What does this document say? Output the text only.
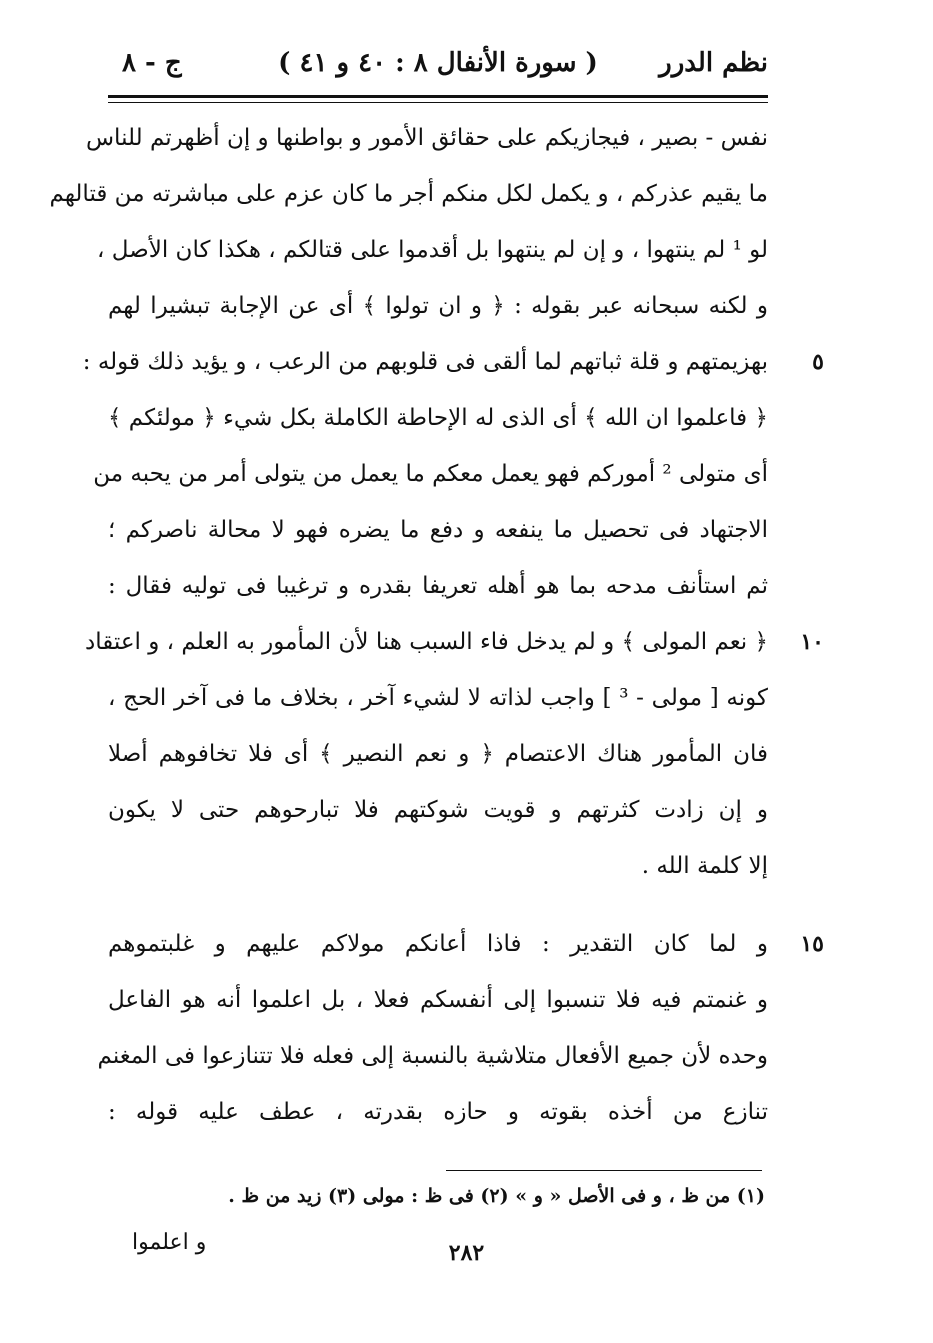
نظم الدرر
( سورة الأنفال ٨ : ٤٠ و ٤١ )
ج - ٨
نفس - بصير ، فيجازيكم على حقائق الأمور و بواطنها و إن أظهرتم للناس
ما يقيم عذركم ، و يكمل لكل منكم أجر ما كان عزم على مباشرته من قتالهم
لو ¹ لم ينتهوا ، و إن لم ينتهوا بل أقدموا على قتالكم ، هكذا كان الأصل ،
و لكنه سبحانه عبر بقوله : ﴿ و ان تولوا ﴾ أى عن الإجابة تبشيرا لهم
بهزيمتهم و قلة ثباتهم لما ألقى فى قلوبهم من الرعب ، و يؤيد ذلك قوله :	٥
﴿ فاعلموا ان الله ﴾ أى الذى له الإحاطة الكاملة بكل شيء ﴿ مولئكم ﴾
أى متولى ² أموركم فهو يعمل معكم ما يعمل من يتولى أمر من يحبه من
الاجتهاد فى تحصيل ما ينفعه و دفع ما يضره فهو لا محالة ناصركم ؛
ثم استأنف مدحه بما هو أهله تعريفا بقدره و ترغيبا فى توليه فقال :
﴿ نعم المولى ﴾ و لم يدخل فاء السبب هنا لأن المأمور به العلم ، و اعتقاد	١٠
كونه [ مولى - ³ ] واجب لذاته لا لشيء آخر ، بخلاف ما فى آخر الحج ،
فان المأمور هناك الاعتصام ﴿ و نعم النصير ﴾ أى فلا تخافوهم أصلا
و إن زادت كثرتهم و قويت شوكتهم فلا تبارحوهم حتى لا يكون
إلا كلمة الله .
و لما كان التقدير : فاذا أعانكم مولاكم عليهم و غلبتموهم	١٥
و غنمتم فيه فلا تنسبوا إلى أنفسكم فعلا ، بل اعلموا أنه هو الفاعل
وحده لأن جميع الأفعال متلاشية بالنسبة إلى فعله فلا تتنازعوا فى المغنم
تنازع من أخذه بقوته و حازه بقدرته ، عطف عليه قوله :
(١) من ظ ، و فى الأصل « و » (٢) فى ظ : مولى (٣) زيد من ظ .
و اعلموا	٢٨٢
